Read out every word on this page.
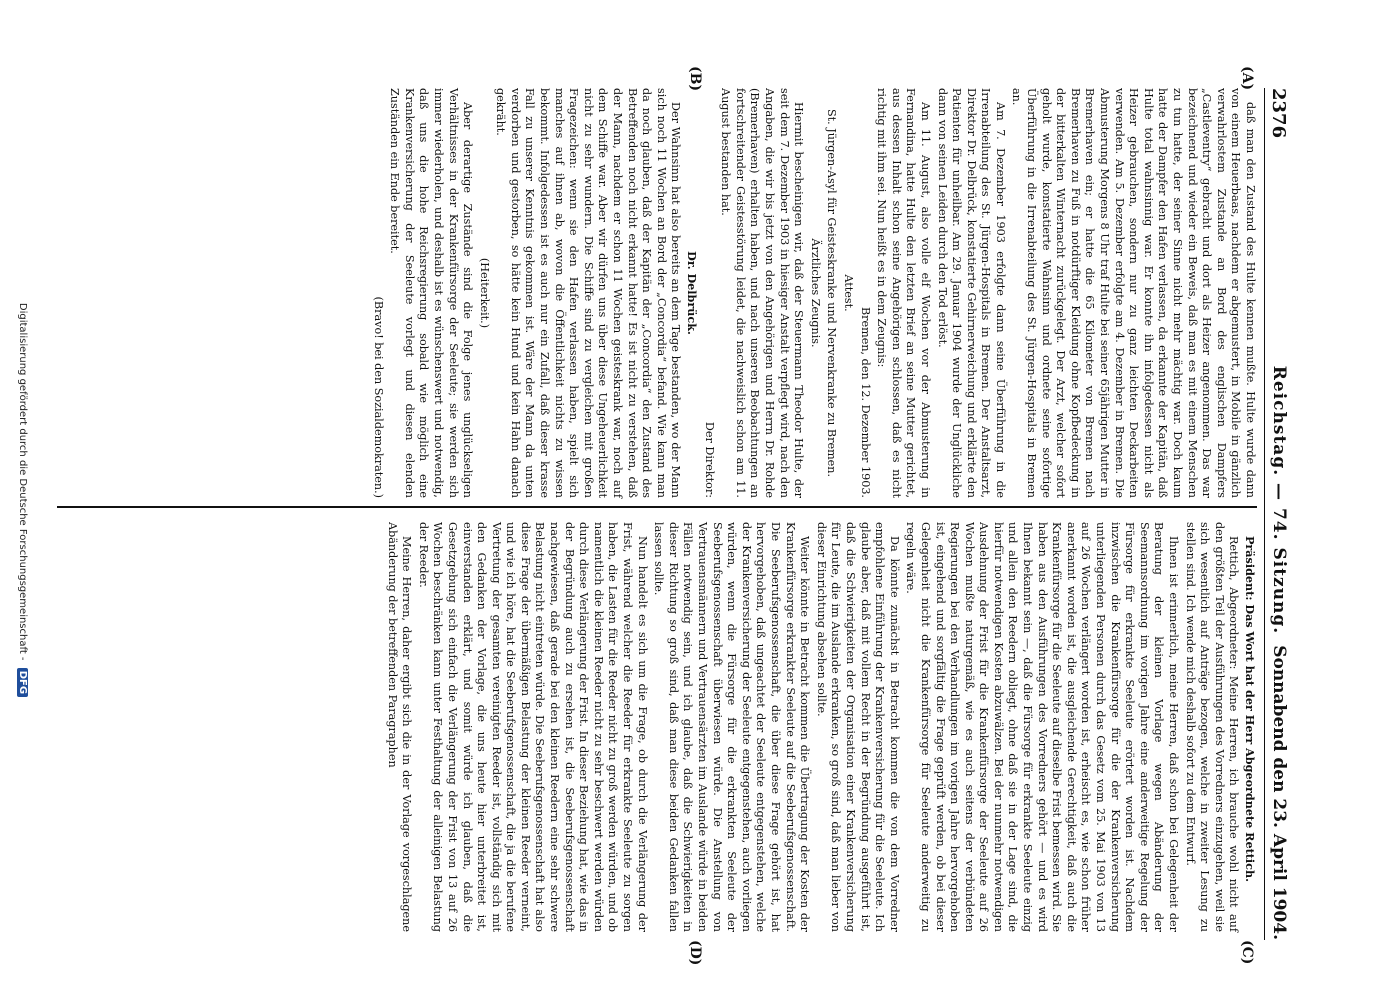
2376
Reichstag. — 74. Sitzung.
Sonnabend den 23. April 1904.
(A)
(B)
(C)
(D)

daß man den Zustand des Hulte kennen mußte. Hulte wurde dann von einem Heuerbaas, nachdem er abgemustert, in Mobile in gänzlich verwahrlostem Zustande an Bord des englischen Dampfers „Castleventry“ gebracht und dort als Heizer angenommen. Das war bezeichnend und wieder ein Beweis, daß man es mit einem Menschen zu tun hatte, der seiner Sinne nicht mehr mächtig war. Doch kaum hatte der Dampfer den Hafen verlassen, da erkannte der Kapitän, daß Hulte total wahnsinnig war. Er konnte ihn infolgedessen nicht als Heizer gebrauchen, sondern nur zu ganz leichten Deckarbeiten verwenden. Am 5. Dezember erfolgte am 4. Dezember in Bremen. Die Abmusterung Morgens 8 Uhr traf Hulte bei seiner 65jährigen Mutter in Bremerhaven ein; er hatte die 65 Kilometer von Bremen nach Bremerhaven zu Fuß in notdürftiger Kleidung ohne Kopfbedeckung in der bitterkalten Winternacht zurückgelegt. Der Arzt, welcher sofort geholt wurde, konstatierte Wahnsinn und ordnete seine sofortige Überführung in die Irrenabteilung des St. Jürgen-Hospitals in Bremen an.

Am 7. Dezember 1903 erfolgte dann seine Überführung in die Irrenabteilung des St. Jürgen-Hospitals in Bremen. Der Anstaltsarzt, Direktor Dr. Delbrück, konstatierte Gehirnerweichung und erklärte den Patienten für unheilbar. Am 29. Januar 1904 wurde der Unglückliche dann von seinen Leiden durch den Tod erlöst.

Am 11. August, also volle elf Wochen vor der Abmusterung in Fernandina, hatte Hulte den letzten Brief an seine Mutter gerichtet, aus dessen Inhalt schon seine Angehörigen schlossen, daß es nicht richtig mit ihm sei. Nun heißt es in dem Zeugnis:

Bremen, den 12. Dezember 1903.

Attest.

St. Jürgen-Asyl für Geisteskranke und Nervenkranke zu Bremen.

Ärztliches Zeugnis.

Hiermit bescheinigen wir, daß der Steuermann Theodor Hulte, der seit dem 7. Dezember 1903 in hiesiger Anstalt verpflegt wird, nach den Angaben, die wir bis jetzt von den Angehörigen und Herrn Dr. Rohde (Bremerhaven) erhalten haben, und nach unseren Beobachtungen an fortschreitender Geistesstörung leidet, die nachweislich schon am 11. August bestanden hat.

Der Direktor:

Dr. Delbrück.

Der Wahnsinn hat also bereits an dem Tage bestanden, wo der Mann sich noch 11 Wochen an Bord der „Concordia“ befand. Wie kann man da noch glauben, daß der Kapitän der „Concordia“ den Zustand des Betreffenden noch nicht erkannt hatte! Es ist nicht zu verstehen, daß der Mann, nachdem er schon 11 Wochen geisteskrank war, noch auf dem Schiffe war. Aber wir dürfen uns über diese Ungeheuerlichkeit nicht zu sehr wundern. Die Schiffe sind zu vergleichen mit großen Fragezeichen: wenn sie den Hafen verlassen haben, spielt sich manches auf ihnen ab, wovon die Öffentlichkeit nichts zu wissen bekommt. Infolgedessen ist es auch nur ein Zufall, daß dieser krasse Fall zu unserer Kenntnis gekommen ist. Wäre der Mann da unten verdorben und gestorben, so hätte kein Hund und kein Hahn danach gekräht.

(Heiterkeit.)

Aber derartige Zustände sind die Folge jenes unglückseligen Verhältnisses in der Krankenfürsorge der Seeleute; sie werden sich immer wiederholen, und deshalb ist es wünschenswert und notwendig, daß uns die hohe Reichsregierung sobald wie möglich eine Krankenversicherung der Seeleute vorlegt und diesen elenden Zuständen ein Ende bereitet.

(Bravo! bei den Sozialdemokraten.)

Präsident: Das Wort hat der Herr Abgeordnete Rettich.

Rettich, Abgeordneter: Meine Herren, ich brauche wohl nicht auf den größten Teil der Ausführungen des Vorredners einzugehen, weil sie sich wesentlich auf Anträge bezogen, welche in zweiter Lesung zu stellen sind. Ich wende mich deshalb sofort zu dem Entwurf.

Ihnen ist erinnerlich, meine Herren, daß schon bei Gelegenheit der Beratung der kleinen Vorlage wegen Abänderung der Seemannsordnung im vorigen Jahre eine anderweitige Regelung der Fürsorge für erkrankte Seeleute erörtert worden ist. Nachdem inzwischen die Krankenfürsorge für die der Krankenversicherung unterliegenden Personen durch das Gesetz vom 25. Mai 1903 von 13 auf 26 Wochen verlängert worden ist, erheischt es, wie schon früher anerkannt worden ist, die ausgleichende Gerechtigkeit, daß auch die Krankenfürsorge für die Seeleute auf dieselbe Frist bemessen wird. Sie haben aus den Ausführungen des Vorredners gehört — und es wird Ihnen bekannt sein —, daß die Fürsorge für erkrankte Seeleute einzig und allein den Reedern obliegt, ohne daß sie in der Lage sind, die hierfür notwendigen Kosten abzuwälzen. Bei der nunmehr notwendigen Ausdehnung der Frist für die Krankenfürsorge der Seeleute auf 26 Wochen mußte naturgemäß, wie es auch seitens der verbündeten Regierungen bei den Verhandlungen im vorigen Jahre hervorgehoben ist, eingehend und sorgfältig die Frage geprüft werden, ob bei dieser Gelegenheit nicht die Krankenfürsorge für Seeleute anderweitig zu regeln wäre.

Da könnte zunächst in Betracht kommen die von dem Vorredner empfohlene Einführung der Krankenversicherung für die Seeleute. Ich glaube aber, daß mit vollem Recht in der Begründung ausgeführt ist, daß die Schwierigkeiten der Organisation einer Krankenversicherung für Leute, die im Auslande erkranken, so groß sind, daß man lieber von dieser Einrichtung absehen sollte.

Weiter könnte in Betracht kommen die Übertragung der Kosten der Krankenfürsorge erkrankter Seeleute auf die Seeberufsgenossenschaft. Die Seeberufsgenossenschaft, die über diese Frage gehört ist, hat hervorgehoben, daß ungeachtet der Seeleute entgegenstehen, welche der Krankenversicherung der Seeleute entgegenstehen, auch vorliegen würden, wenn die Fürsorge für die erkrankten Seeleute der Seeberufsgenossenschaft überwiesen würde. Die Anstellung von Vertrauensmännern und Vertrauensärzten im Auslande würde in beiden Fällen notwendig sein, und ich glaube, daß die Schwierigkeiten in dieser Richtung so groß sind, daß man diese beiden Gedanken fallen lassen sollte.

Nun handelt es sich um die Frage, ob durch die Verlängerung der Frist, während welcher die Reeder für erkrankte Seeleute zu sorgen haben, die Lasten für die Reeder nicht zu groß werden würden, und ob namentlich die kleinen Reeder nicht zu sehr beschwert werden würden durch diese Verlängerung der Frist. In dieser Beziehung hat, wie das in der Begründung auch zu ersehen ist, die Seeberufsgenossenschaft nachgewiesen, daß gerade bei den kleinen Reedern eine sehr schwere Belastung nicht eintreten würde. Die Seeberufsgenossenschaft hat also diese Frage der übermäßigen Belastung der kleinen Reeder verneint, und wie ich höre, hat die Seeberufsgenossenschaft, die ja die berufene Vertretung der gesamten vereinigten Reeder ist, vollständig sich mit den Gedanken der Vorlage, die uns heute hier unterbreitet ist, einverstanden erklärt, und somit würde ich glauben, daß die Gesetzgebung sich einfach die Verlängerung der Frist von 13 auf 26 Wochen beschränken kann unter Festhaltung der alleinigen Belastung der Reeder.

Meine Herren, daher ergibt sich die in der Vorlage vorgeschlagene Abänderung der betreffenden Paragraphen

Digitalisierung gefördert durch die Deutsche Forschungsgemeinschaft - DFG
